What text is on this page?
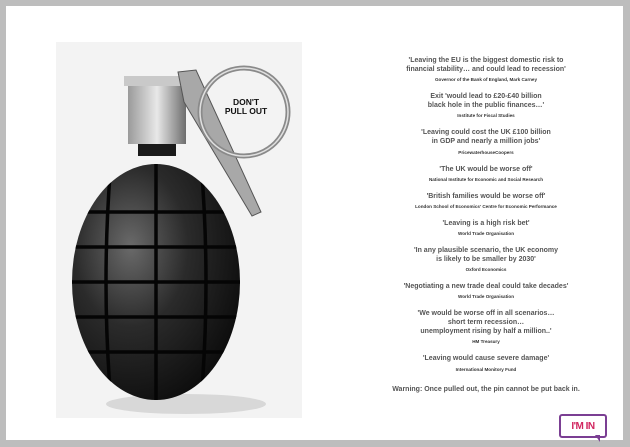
DON'T
PULL OUT
'Leaving the EU is the biggest domestic risk to
financial stability… and could lead to recession'
Governor of the Bank of England, Mark Carney
Exit 'would lead to £20-£40 billion
black hole in the public finances…'
Institute for Fiscal Studies
'Leaving could cost the UK £100 billion
in GDP and nearly a million jobs'
PricewaterhouseCoopers
'The UK would be worse off'
National Institute for Economic and Social Research
'British families would be worse off'
London School of Economics' Centre for Economic Performance
'Leaving is a high risk bet'
World Trade Organisation
'In any plausible scenario, the UK economy
is likely to be smaller by 2030'
Oxford Economics
'Negotiating a new trade deal could take decades'
World Trade Organisation
'We would be worse off in all scenarios…
short term recession…
unemployment rising by half a million..'
HM Treasury
'Leaving would cause severe damage'
International Monitory Fund
Warning: Once pulled out, the pin cannot be put back in.
I'M IN
